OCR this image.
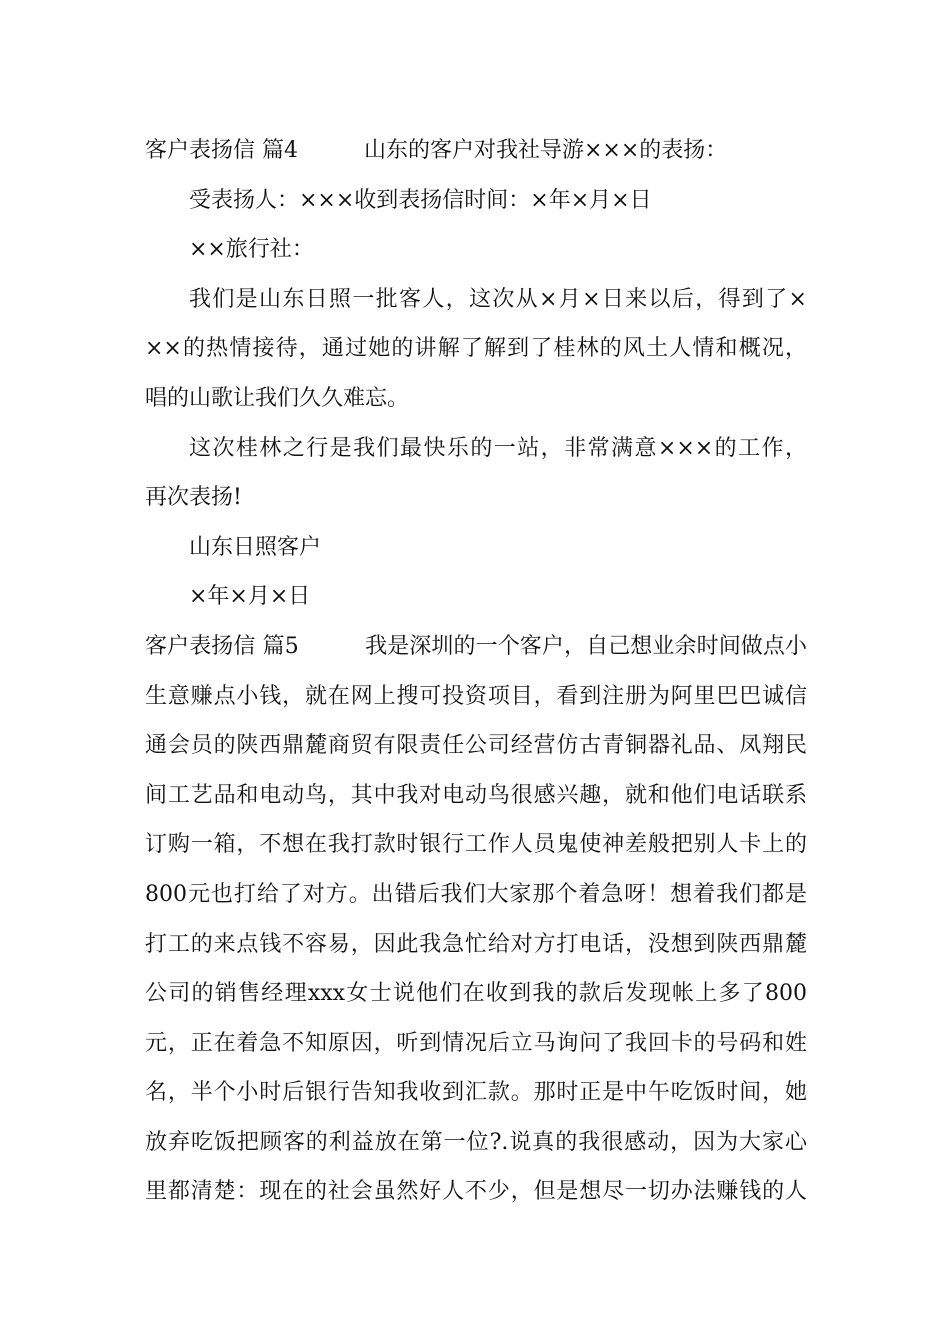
客户表扬信 篇4　　　山东的客户对我社导游×××的表扬：
受表扬人：×××收到表扬信时间：×年×月×日
××旅行社：
我们是山东日照一批客人，这次从×月×日来以后，得到了×
××的热情接待，通过她的讲解了解到了桂林的风土人情和概况，
唱的山歌让我们久久难忘。
这次桂林之行是我们最快乐的一站，非常满意×××的工作，
再次表扬!
山东日照客户
×年×月×日
客户表扬信 篇5　　　我是深圳的一个客户，自己想业余时间做点小
生意赚点小钱，就在网上搜可投资项目，看到注册为阿里巴巴诚信
通会员的陕西鼎麓商贸有限责任公司经营仿古青铜器礼品、凤翔民
间工艺品和电动鸟，其中我对电动鸟很感兴趣，就和他们电话联系
订购一箱，不想在我打款时银行工作人员鬼使神差般把别人卡上的
800元也打给了对方。出错后我们大家那个着急呀！想着我们都是
打工的来点钱不容易，因此我急忙给对方打电话，没想到陕西鼎麓
公司的销售经理xxx女士说他们在收到我的款后发现帐上多了800
元，正在着急不知原因，听到情况后立马询问了我回卡的号码和姓
名，半个小时后银行告知我收到汇款。那时正是中午吃饭时间，她
放弃吃饭把顾客的利益放在第一位?.说真的我很感动，因为大家心
里都清楚：现在的社会虽然好人不少，但是想尽一切办法赚钱的人
